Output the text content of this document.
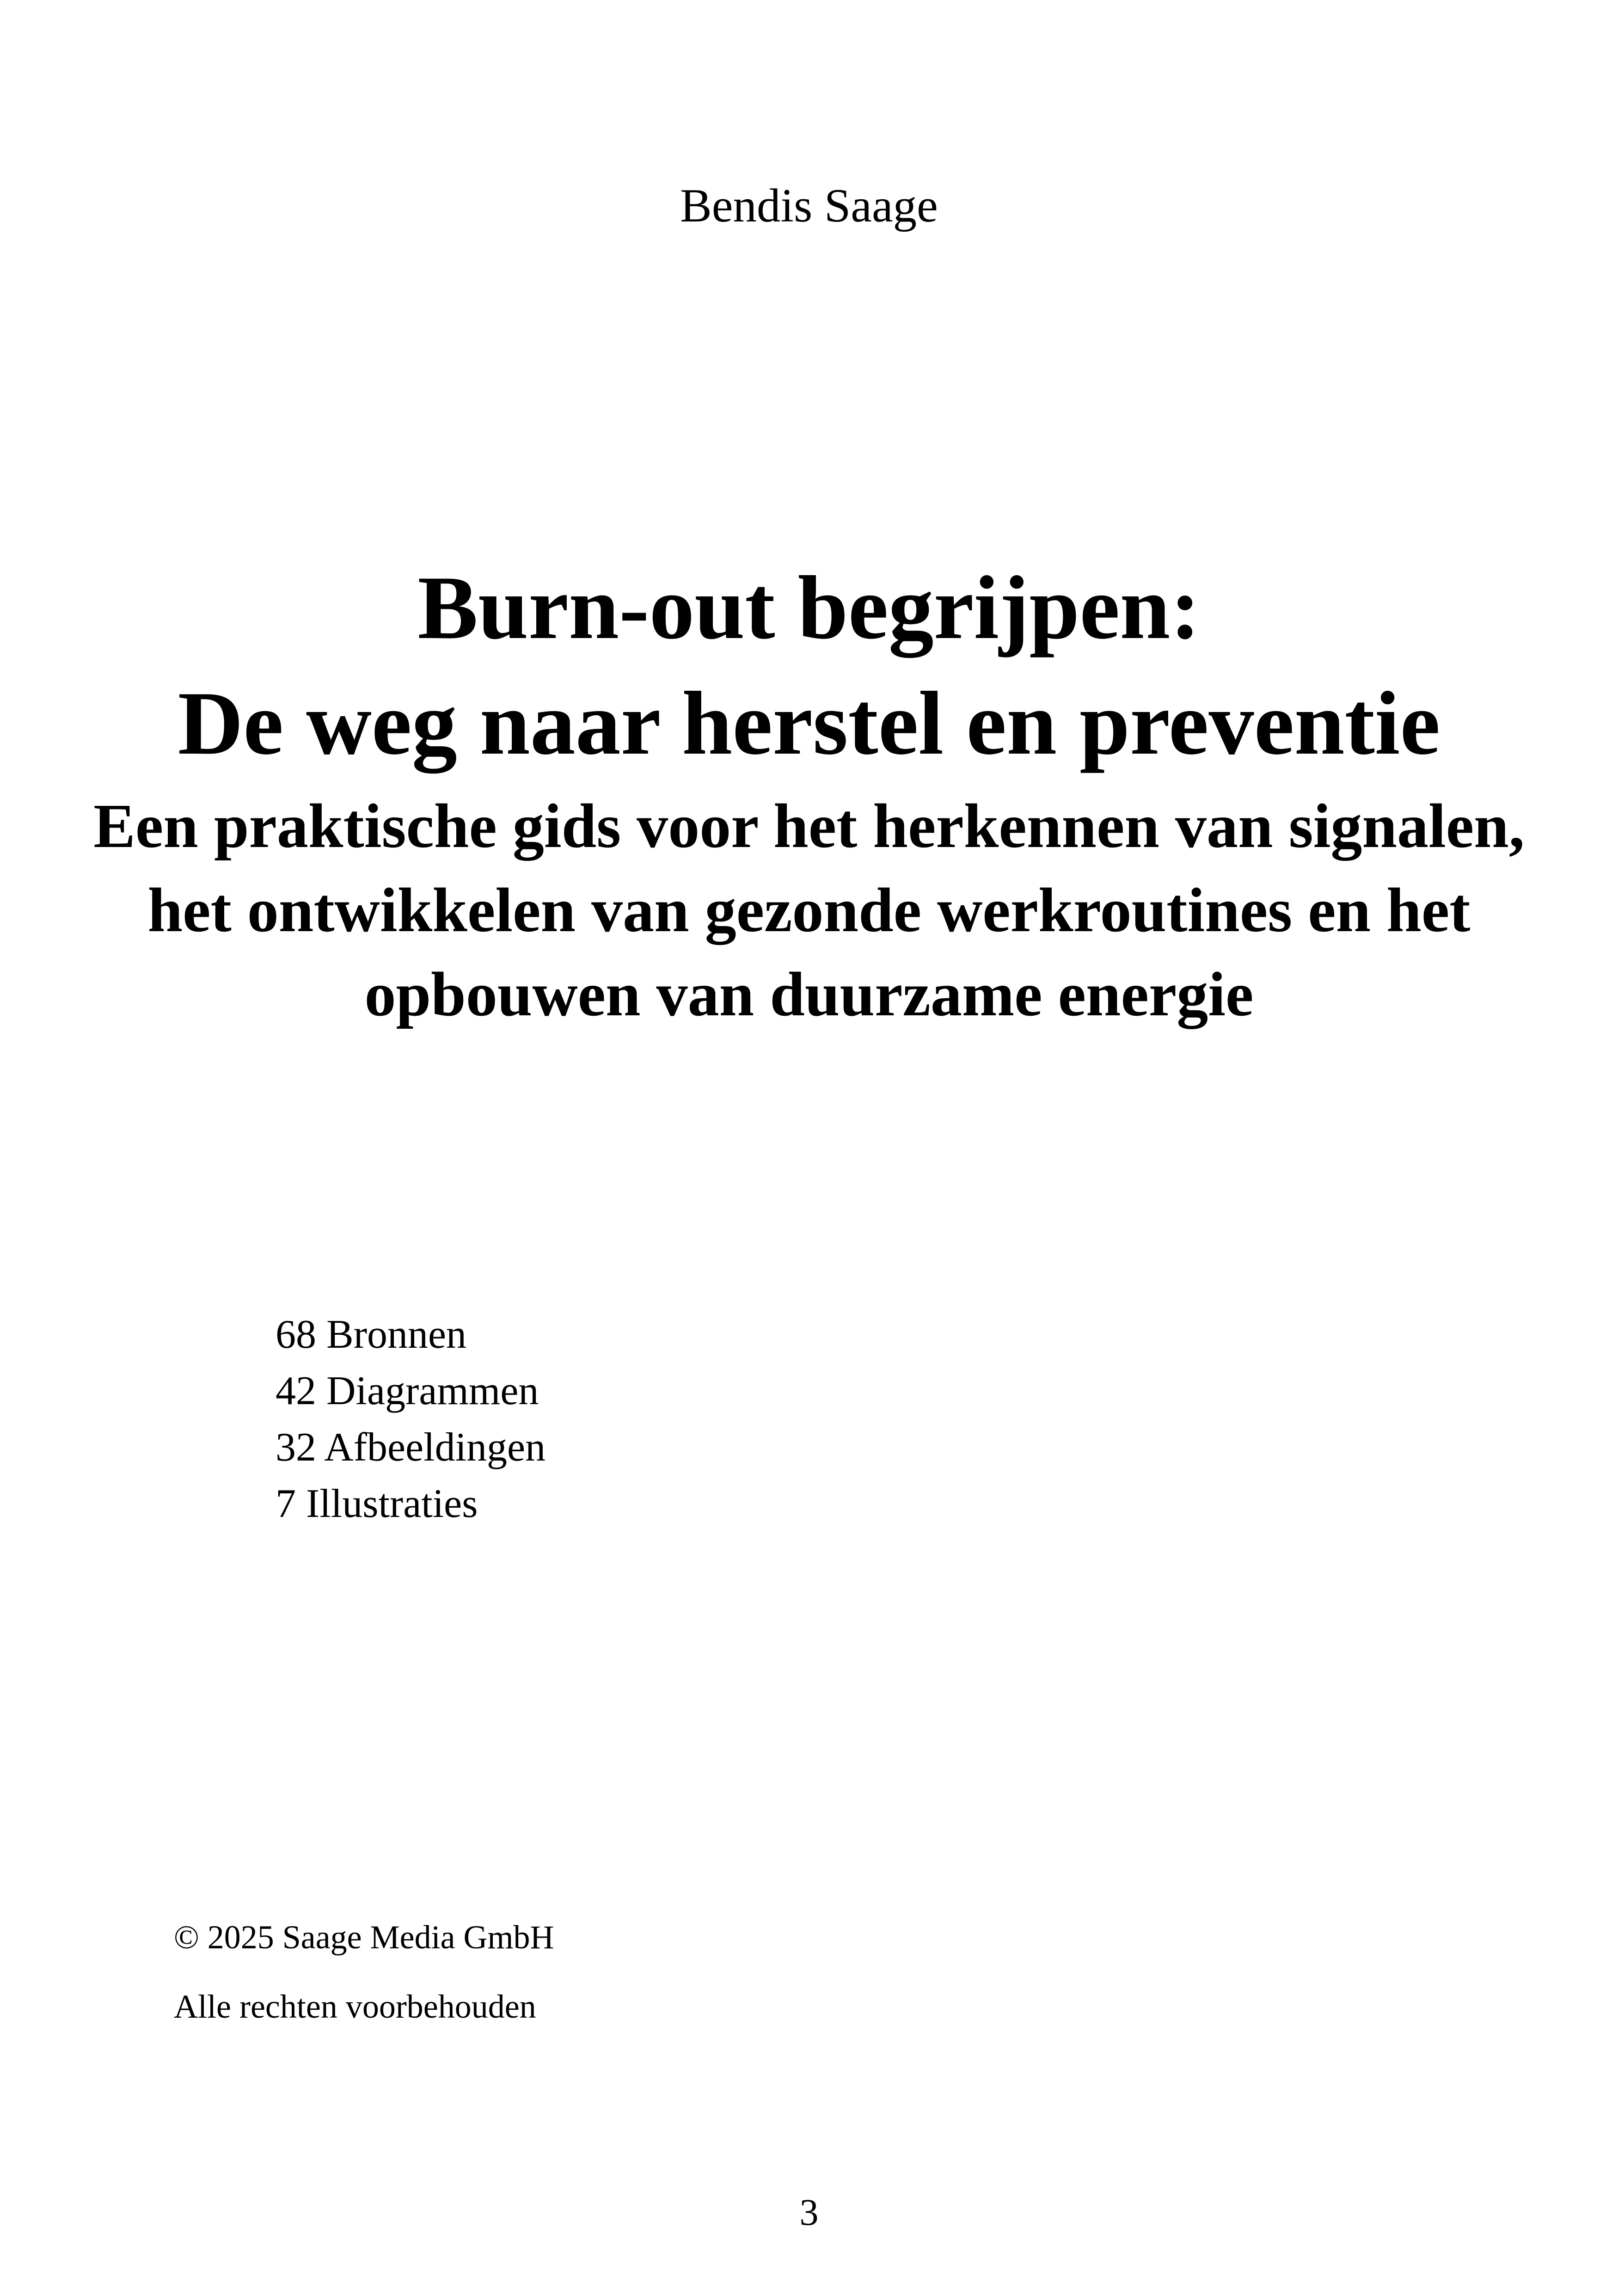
Bendis Saage
Burn-out begrijpen:
De weg naar herstel en preventie
Een praktische gids voor het herkennen van signalen, het ontwikkelen van gezonde werkroutines en het opbouwen van duurzame energie
68 Bronnen
42 Diagrammen
32 Afbeeldingen
7 Illustraties
© 2025 Saage Media GmbH
Alle rechten voorbehouden
3
